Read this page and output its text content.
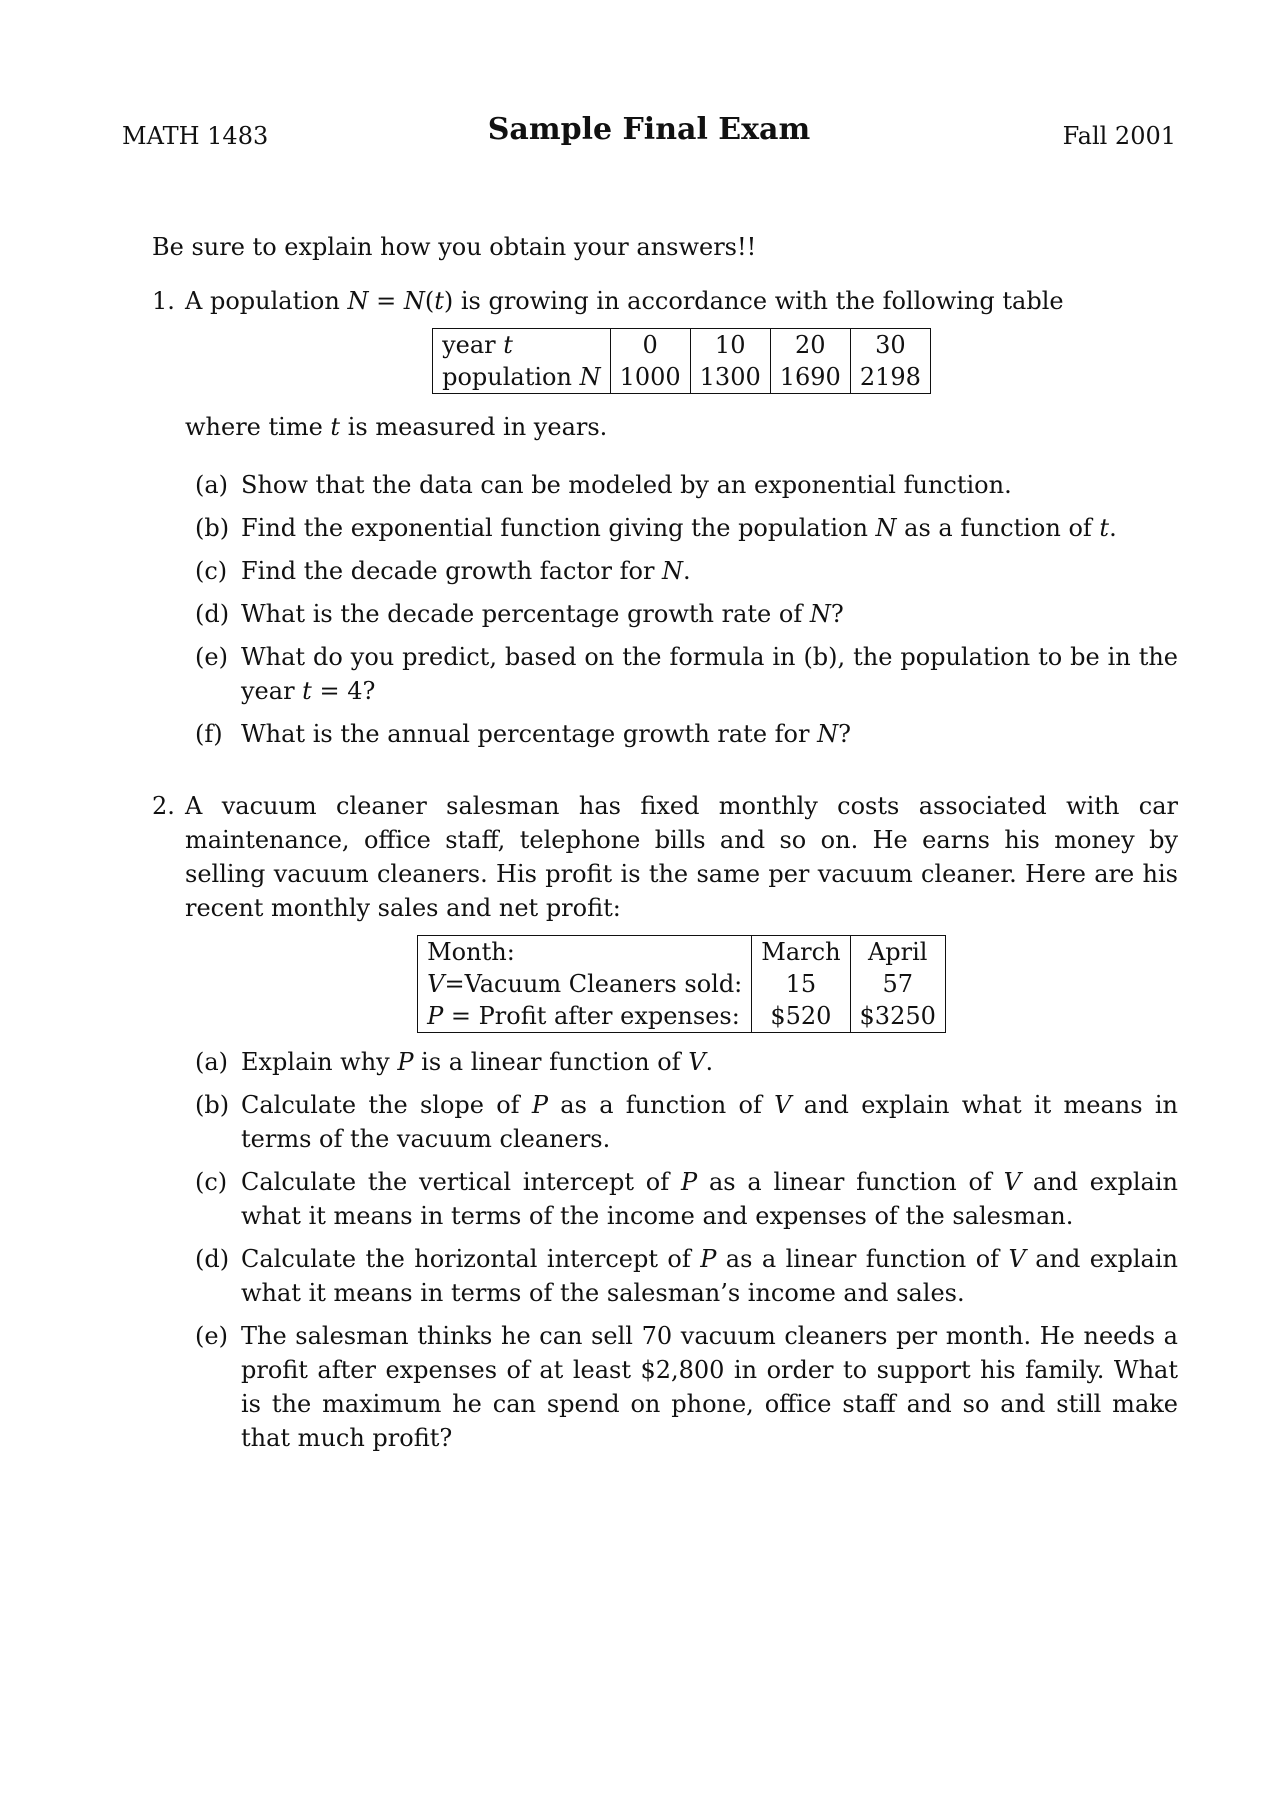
MATH 1483	Sample Final Exam	Fall 2001

Be sure to explain how you obtain your answers!!

1. A population N = N(t) is growing in accordance with the following table
year t	0	10	20	30
population N	1000	1300	1690	2198
where time t is measured in years.
(a) Show that the data can be modeled by an exponential function.
(b) Find the exponential function giving the population N as a function of t.
(c) Find the decade growth factor for N.
(d) What is the decade percentage growth rate of N?
(e) What do you predict, based on the formula in (b), the population to be in the year t = 4?
(f) What is the annual percentage growth rate for N?
2. A vacuum cleaner salesman has fixed monthly costs associated with car maintenance, office staff, telephone bills and so on. He earns his money by selling vacuum cleaners. His profit is the same per vacuum cleaner. Here are his recent monthly sales and net profit:
Month:	March	April
V=Vacuum Cleaners sold:	15	57
P = Profit after expenses:	$520	$3250
(a) Explain why P is a linear function of V.
(b) Calculate the slope of P as a function of V and explain what it means in terms of the vacuum cleaners.
(c) Calculate the vertical intercept of P as a linear function of V and explain what it means in terms of the income and expenses of the salesman.
(d) Calculate the horizontal intercept of P as a linear function of V and explain what it means in terms of the salesman’s income and sales.
(e) The salesman thinks he can sell 70 vacuum cleaners per month. He needs a profit after expenses of at least $2,800 in order to support his family. What is the maximum he can spend on phone, office staff and so and still make that much profit?
